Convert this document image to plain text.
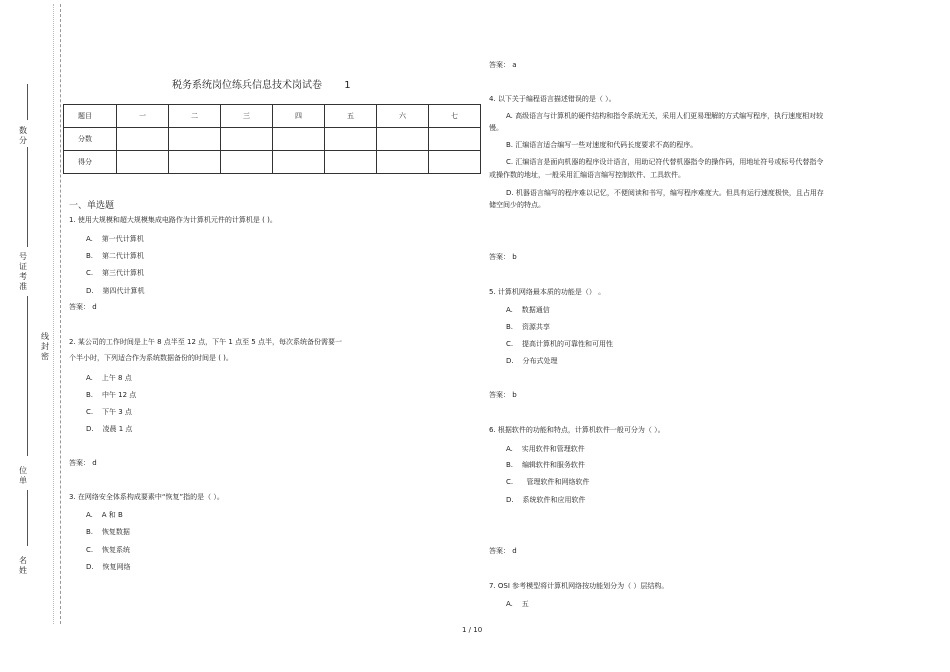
数
分
号
证
考
准
线
封
密
位
单
名
姓
税务系统岗位练兵信息技术岗试卷 1
题目	一	二	三	四	五	六	七
分数							
得分							
一、单选题
1. 使用大规模和超大规模集成电路作为计算机元件的计算机是 ( )。
A. 第一代计算机
B. 第二代计算机
C. 第三代计算机
D. 第四代计算机
答案： d
2. 某公司的工作时间是上午 8 点半至 12 点，下午 1 点至 5 点半，每次系统备份需要一
个半小时，下列适合作为系统数据备份的时间是 ( )。
A. 上午 8 点
B. 中午 12 点
C. 下午 3 点
D. 凌晨 1 点
答案： d
3. 在网络安全体系构成要素中“恢复”指的是（ ）。
A. A 和 B
B. 恢复数据
C. 恢复系统
D. 恢复网络
答案： a
4. 以下关于编程语言描述错误的是（ ）。
A. 高级语言与计算机的硬件结构和指令系统无关，采用人们更易理解的方式编写程序，执行速度相对较
慢。
B. 汇编语言适合编写一些对速度和代码长度要求不高的程序。
C. 汇编语言是面向机器的程序设计语言，用助记符代替机器指令的操作码，用地址符号或标号代替指令
或操作数的地址，一般采用汇编语言编写控制软件、工具软件。
D. 机器语言编写的程序难以记忆，不便阅读和书写，编写程序难度大。但具有运行速度极快，且占用存
储空间少的特点。
答案： b
5. 计算机网络最本质的功能是（） 。
A. 数据通信
B. 资源共享
C. 提高计算机的可靠性和可用性
D. 分布式处理
答案： b
6. 根据软件的功能和特点，计算机软件一般可分为（ ）。
A. 实用软件和管理软件
B. 编辑软件和服务软件
C. 管理软件和网络软件
D. 系统软件和应用软件
答案： d
7. OSI 参考模型将计算机网络按功能划分为（ ）层结构。
A. 五
1 / 10
